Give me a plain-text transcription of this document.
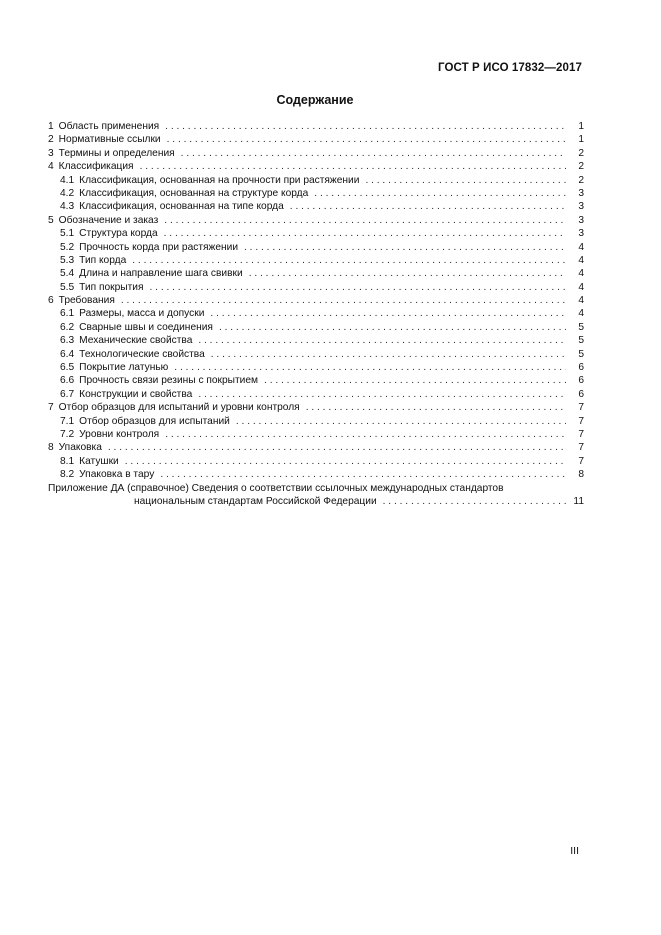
ГОСТ Р ИСО 17832—2017
Содержание
1 Область применения . . .	1
2 Нормативные ссылки . . .	1
3 Термины и определения . . .	2
4 Классификация . . .	2
4.1 Классификация, основанная на прочности при растяжении . . .	2
4.2 Классификация, основанная на структуре корда . . .	3
4.3 Классификация, основанная на типе корда . . .	3
5 Обозначение и заказ . . .	3
5.1 Структура корда . . .	3
5.2 Прочность корда при растяжении . . .	4
5.3 Тип корда . . .	4
5.4 Длина и направление шага свивки . . .	4
5.5 Тип покрытия . . .	4
6 Требования . . .	4
6.1 Размеры, масса и допуски . . .	4
6.2 Сварные швы и соединения . . .	5
6.3 Механические свойства . . .	5
6.4 Технологические свойства . . .	5
6.5 Покрытие латунью . . .	6
6.6 Прочность связи резины с покрытием . . .	6
6.7 Конструкции и свойства . . .	6
7 Отбор образцов для испытаний и уровни контроля . . .	7
7.1 Отбор образцов для испытаний . . .	7
7.2 Уровни контроля . . .	7
8 Упаковка . . .	7
8.1 Катушки . . .	7
8.2 Упаковка в тару . . .	8
Приложение ДА (справочное) Сведения о соответствии ссылочных международных стандартов
национальным стандартам Российской Федерации . . .	11
III
